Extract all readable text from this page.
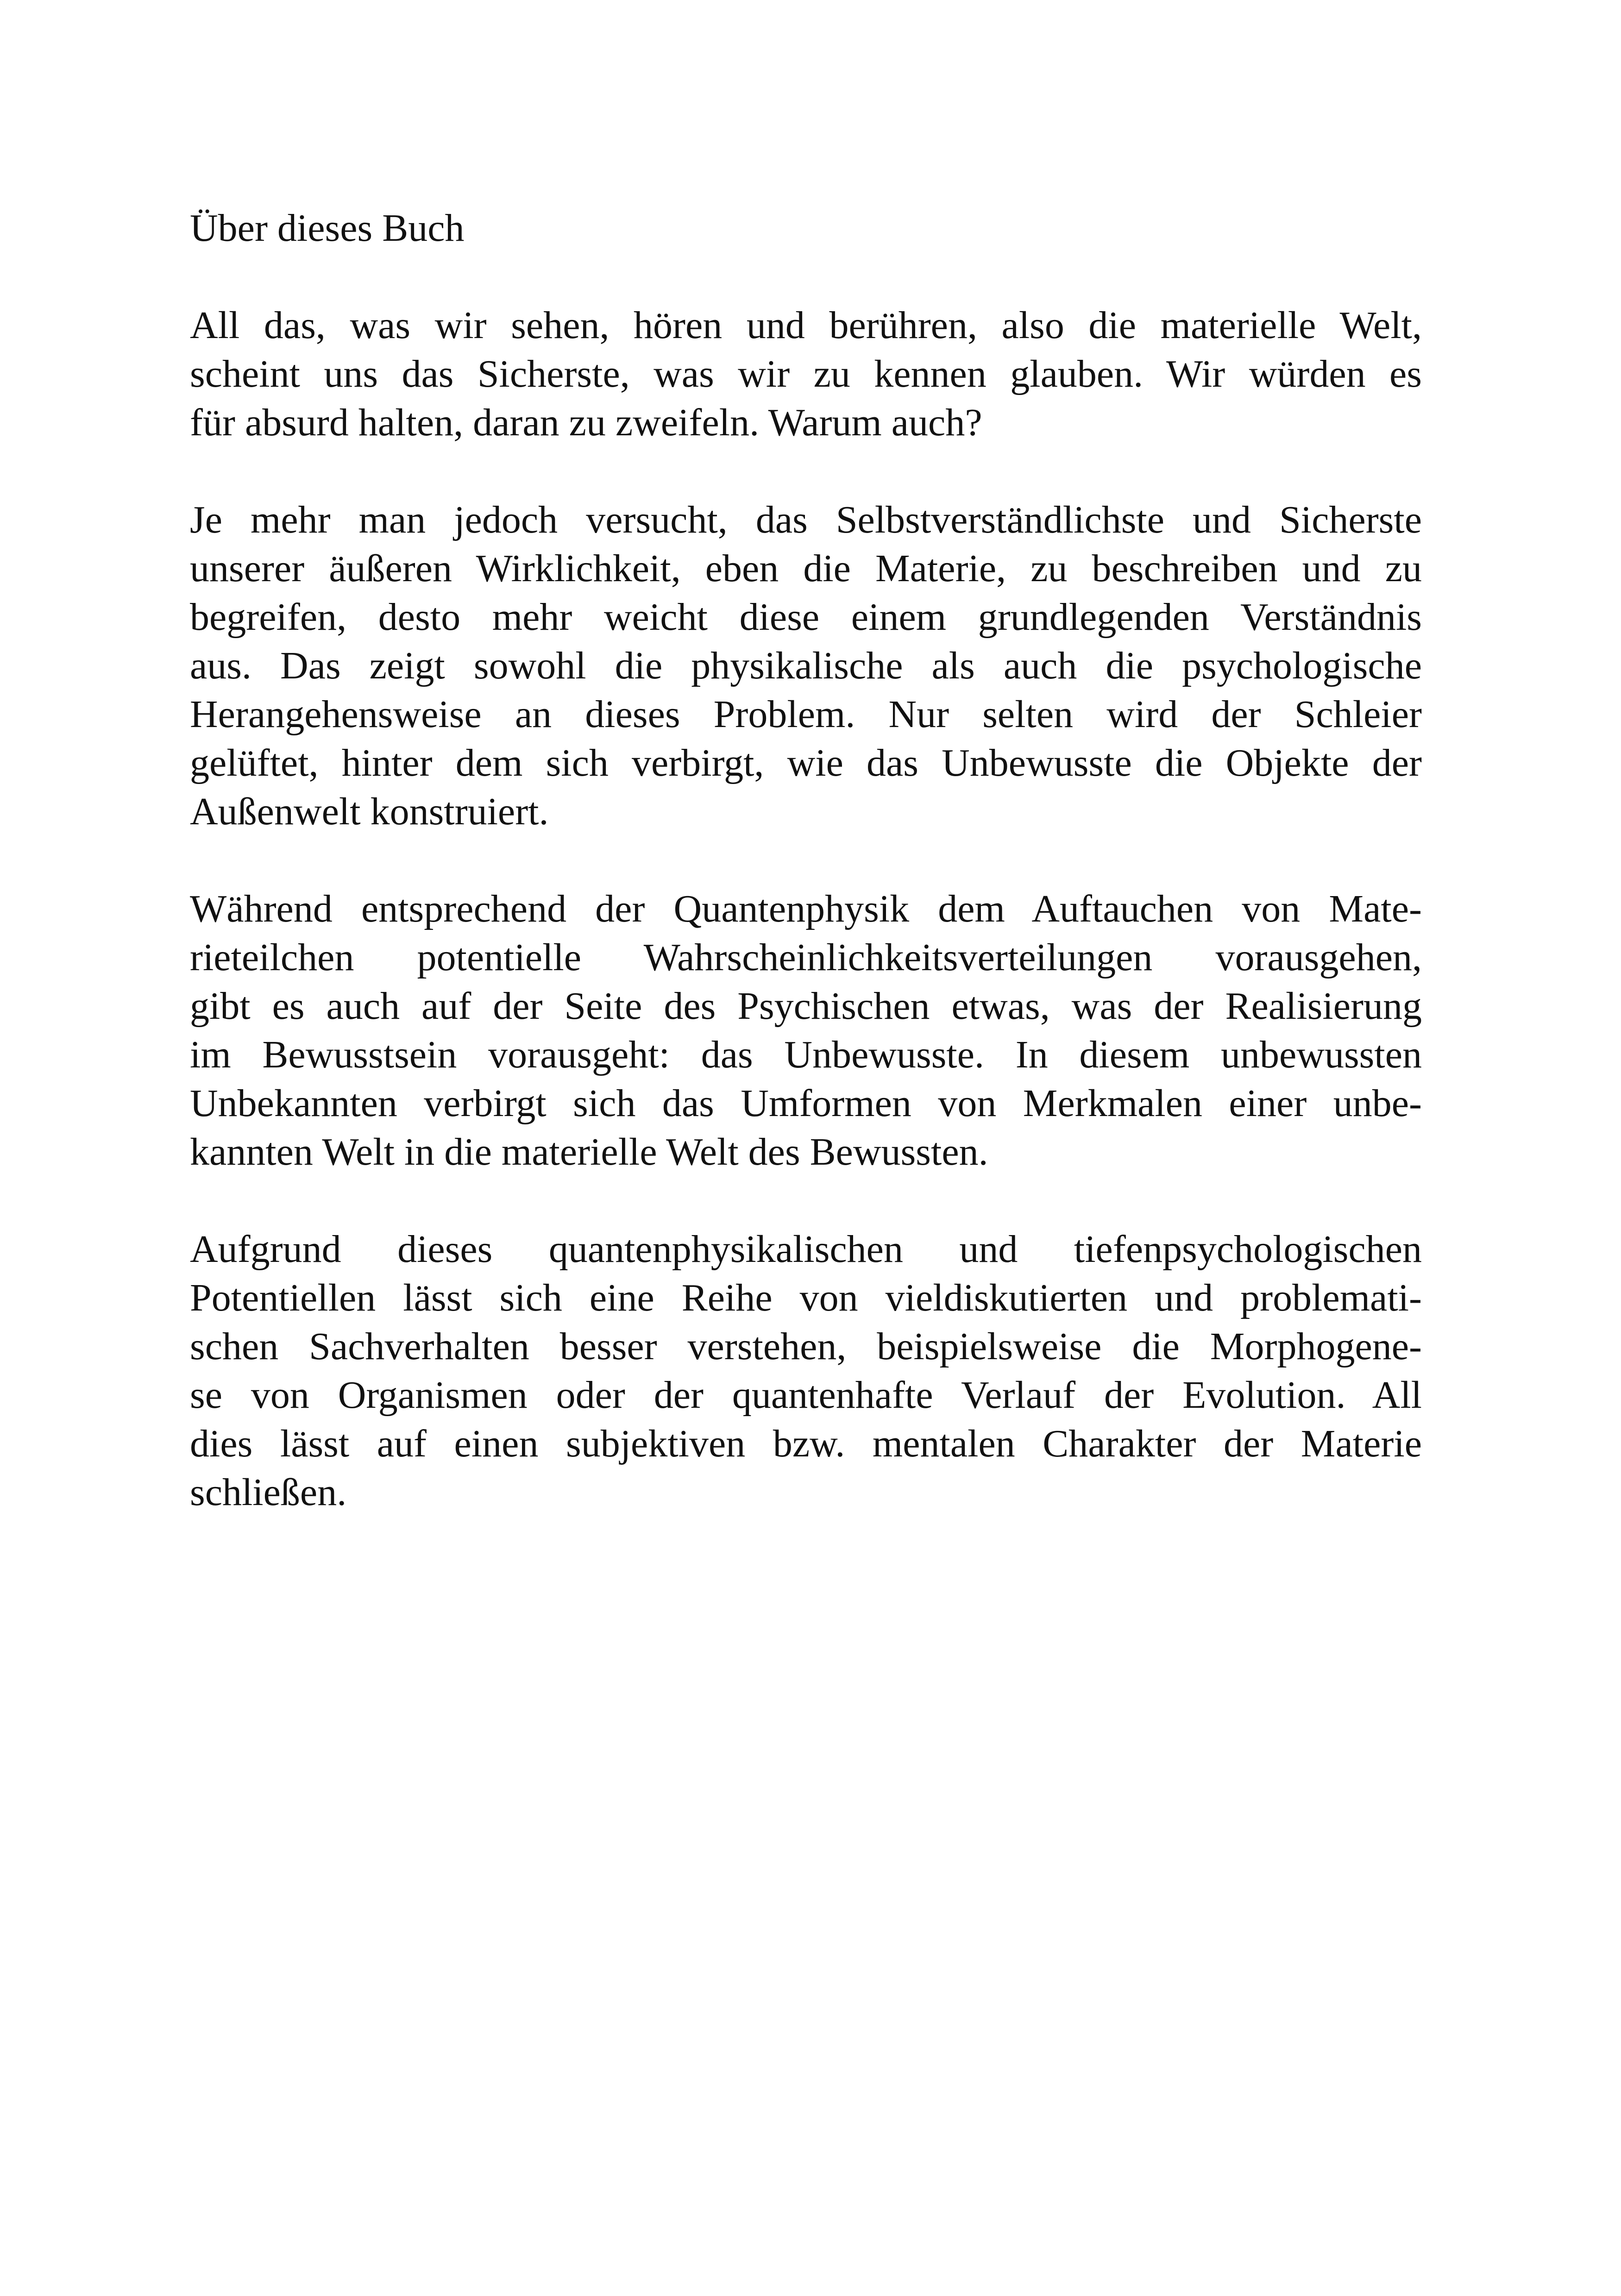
Über dieses Buch
All das, was wir sehen, hören und berühren, also die materielle Welt,
scheint uns das Sicherste, was wir zu kennen glauben. Wir würden es
für absurd halten, daran zu zweifeln. Warum auch?
Je mehr man jedoch versucht, das Selbstverständlichste und Sicherste
unserer äußeren Wirklichkeit, eben die Materie, zu beschreiben und zu
begreifen, desto mehr weicht diese einem grundlegenden Verständnis
aus. Das zeigt sowohl die physikalische als auch die psychologische
Herangehensweise an dieses Problem. Nur selten wird der Schleier
gelüftet, hinter dem sich verbirgt, wie das Unbewusste die Objekte der
Außenwelt konstruiert.
Während entsprechend der Quantenphysik dem Auftauchen von Mate-
rieteilchen potentielle Wahrscheinlichkeitsverteilungen vorausgehen,
gibt es auch auf der Seite des Psychischen etwas, was der Realisierung
im Bewusstsein vorausgeht: das Unbewusste. In diesem unbewussten
Unbekannten verbirgt sich das Umformen von Merkmalen einer unbe-
kannten Welt in die materielle Welt des Bewussten.
Aufgrund dieses quantenphysikalischen und tiefenpsychologischen
Potentiellen lässt sich eine Reihe von vieldiskutierten und problemati-
schen Sachverhalten besser verstehen, beispielsweise die Morphogene-
se von Organismen oder der quantenhafte Verlauf der Evolution. All
dies lässt auf einen subjektiven bzw. mentalen Charakter der Materie
schließen.
